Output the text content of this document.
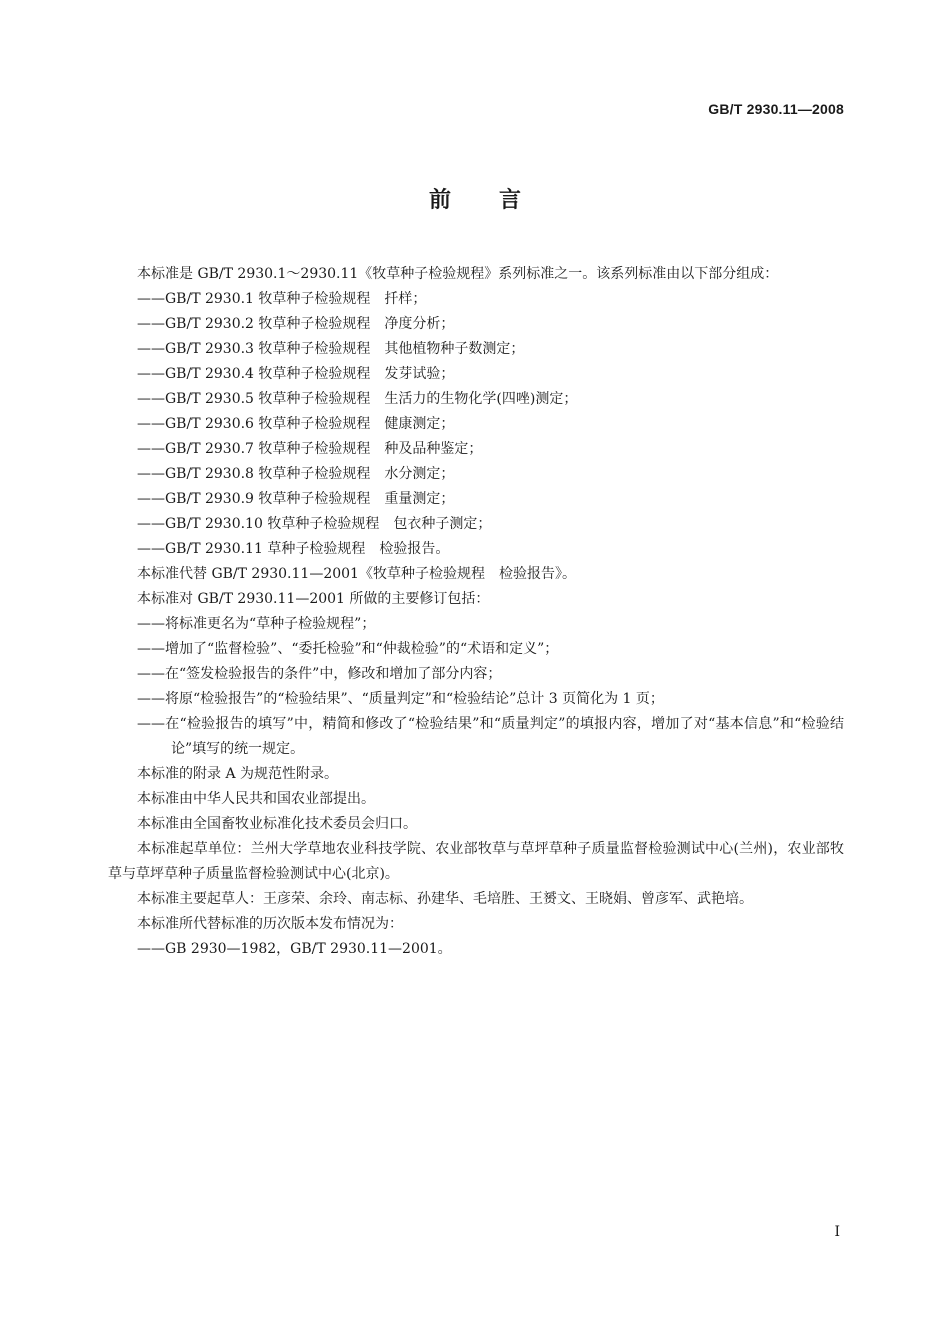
GB/T 2930.11—2008
前言

本标准是 GB/T 2930.1～2930.11《牧草种子检验规程》系列标准之一。该系列标准由以下部分组成：

——GB/T 2930.1 牧草种子检验规程　扦样；

——GB/T 2930.2 牧草种子检验规程　净度分析；

——GB/T 2930.3 牧草种子检验规程　其他植物种子数测定；

——GB/T 2930.4 牧草种子检验规程　发芽试验；

——GB/T 2930.5 牧草种子检验规程　生活力的生物化学(四唑)测定；

——GB/T 2930.6 牧草种子检验规程　健康测定；

——GB/T 2930.7 牧草种子检验规程　种及品种鉴定；

——GB/T 2930.8 牧草种子检验规程　水分测定；

——GB/T 2930.9 牧草种子检验规程　重量测定；

——GB/T 2930.10 牧草种子检验规程　包衣种子测定；

——GB/T 2930.11 草种子检验规程　检验报告。

本标准代替 GB/T 2930.11—2001《牧草种子检验规程　检验报告》。

本标准对 GB/T 2930.11—2001 所做的主要修订包括：

——将标准更名为“草种子检验规程”；

——增加了“监督检验”、“委托检验”和“仲裁检验”的“术语和定义”；

——在“签发检验报告的条件”中，修改和增加了部分内容；

——将原“检验报告”的“检验结果”、“质量判定”和“检验结论”总计 3 页简化为 1 页；

——在“检验报告的填写”中，精简和修改了“检验结果”和“质量判定”的填报内容，增加了对“基本信息”和“检验结论”填写的统一规定。

本标准的附录 A 为规范性附录。

本标准由中华人民共和国农业部提出。

本标准由全国畜牧业标准化技术委员会归口。

本标准起草单位：兰州大学草地农业科技学院、农业部牧草与草坪草种子质量监督检验测试中心(兰州)，农业部牧草与草坪草种子质量监督检验测试中心(北京)。

本标准主要起草人：王彦荣、余玲、南志标、孙建华、毛培胜、王赟文、王晓娟、曾彦军、武艳培。

本标准所代替标准的历次版本发布情况为：

——GB 2930—1982，GB/T 2930.11—2001。

I
